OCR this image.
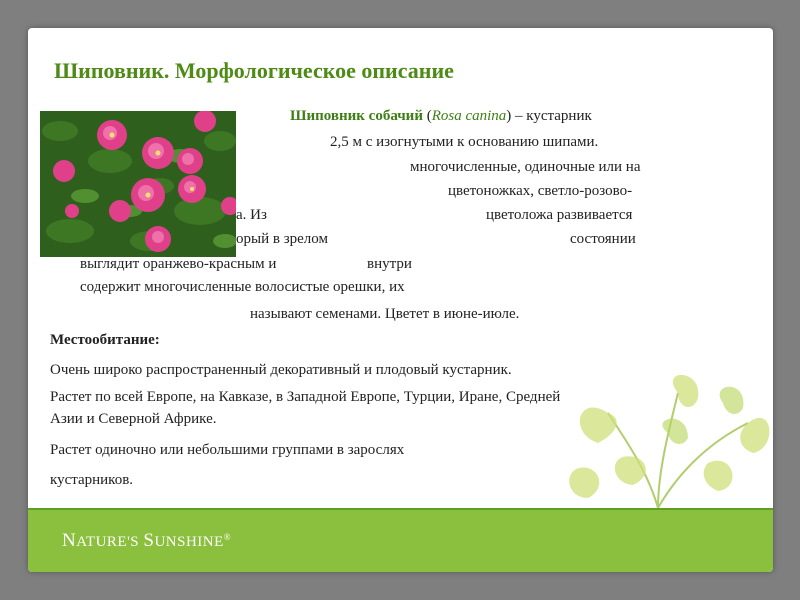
Шиповник. Морфологическое описание

Шиповник собачий (Rosa canina) – кустарник

2,5 м с изогнутыми к основанию шипами.

многочисленные, одиночные или на

цветоножках, светло-розово-

а. Из	цветоложа развивается

орый в зрелом	состоянии

выглядит оранжево-красным и	внутри

содержит многочисленные волосистые орешки, их

называют семенами. Цветет в июне-июле.

Местообитание:

Очень широко распространенный декоративный и плодовый кустарник.

Растет по всей Европе, на Кавказе, в Западной Европе, Турции, Иране, Средней

Азии и Северной Африке.

Растет одиночно или небольшими группами в зарослях

кустарников.

NATURE'S SUNSHINE®
